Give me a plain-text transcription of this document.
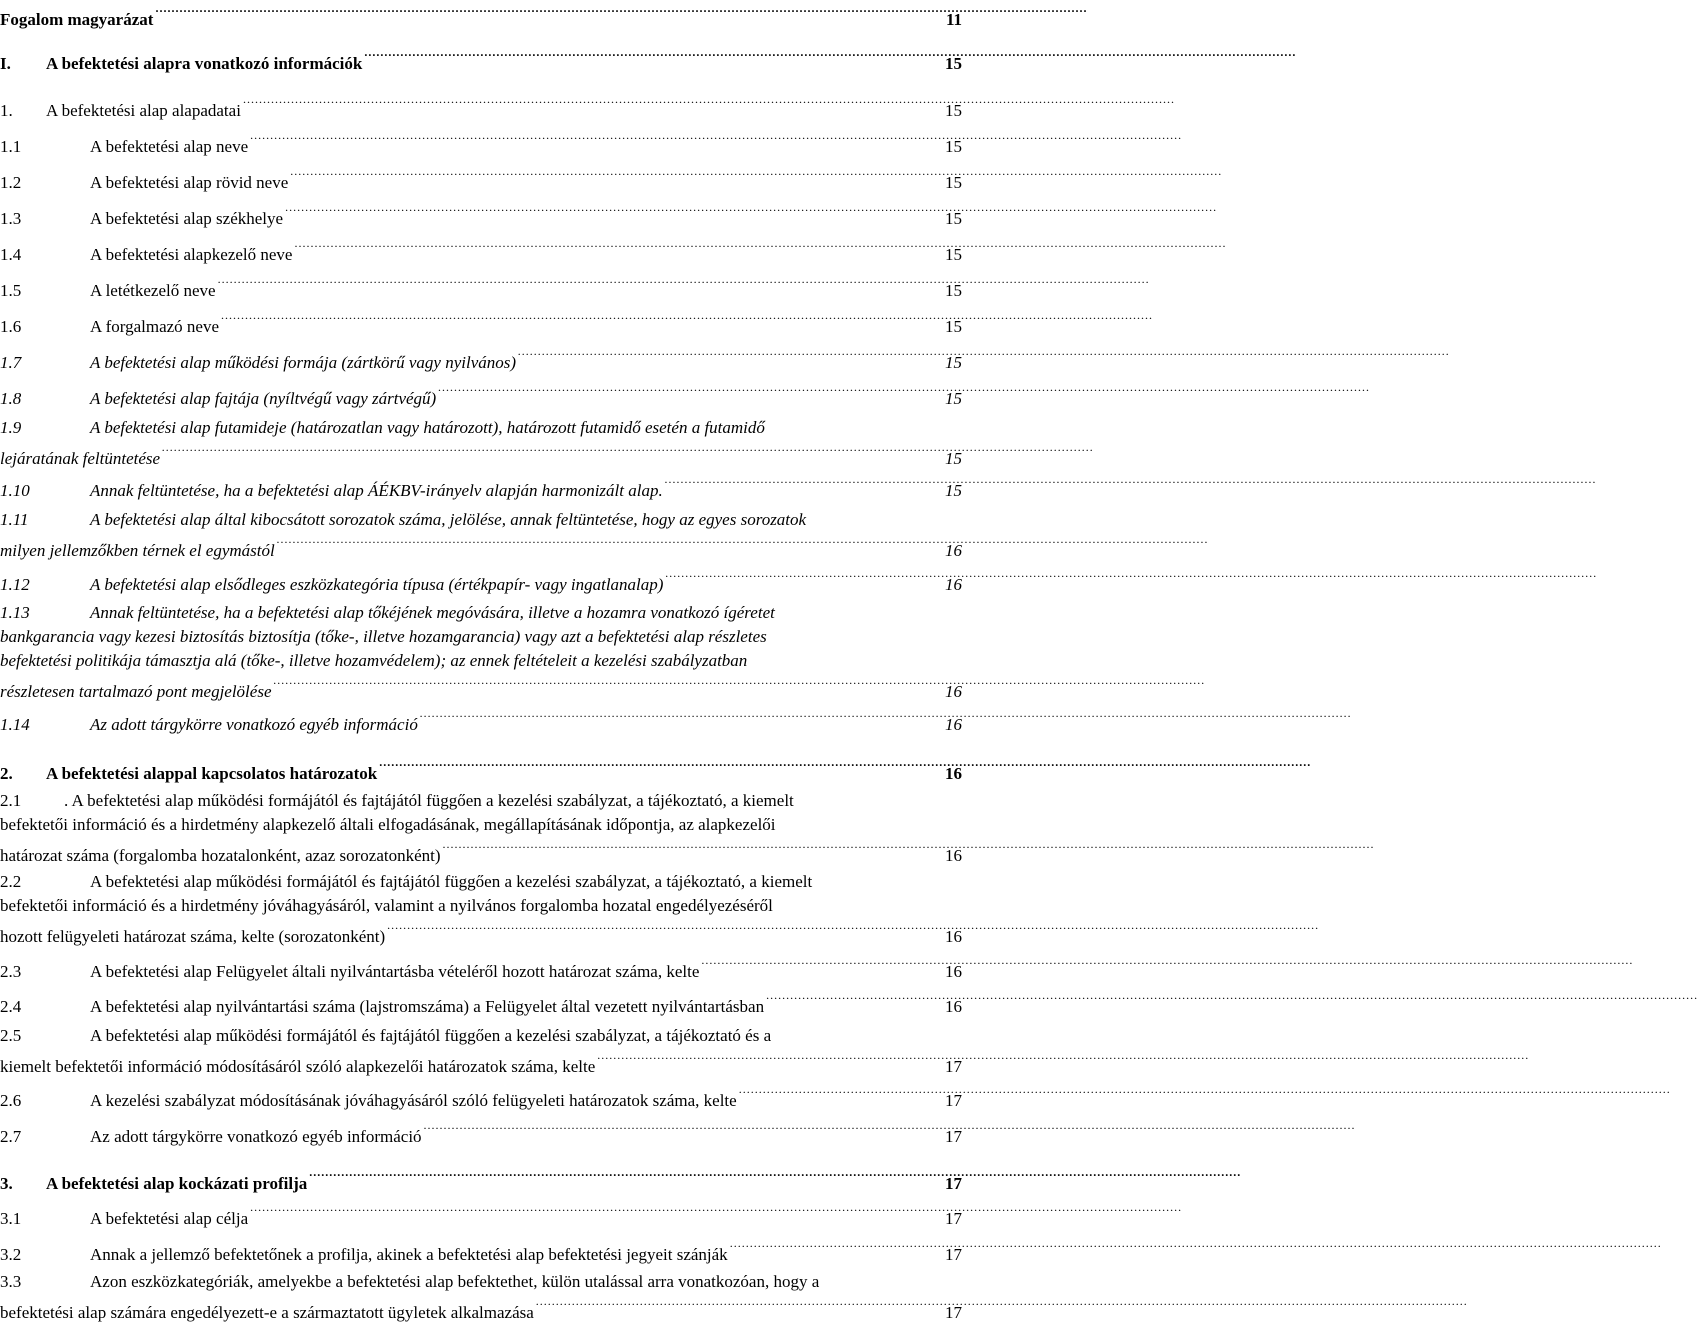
Fogalom magyarázat .....	11
I.	A befektetési alapra vonatkozó információk .....	15
1.	A befektetési alap alapadatai .....	15
1.1	A befektetési alap neve .....	15
1.2	A befektetési alap rövid neve .....	15
1.3	A befektetési alap székhelye .....	15
1.4	A befektetési alapkezelő neve .....	15
1.5	A letétkezelő neve .....	15
1.6	A forgalmazó neve .....	15
1.7	A befektetési alap működési formája (zártkörű vagy nyilvános) .....	15
1.8	A befektetési alap fajtája (nyíltvégű vagy zártvégű) .....	15
1.9	A befektetési alap futamideje (határozatlan vagy határozott), határozott futamidő esetén a futamidő
lejáratának feltüntetése .....	15
1.10	Annak feltüntetése, ha a befektetési alap ÁÉKBV-irányelv alapján harmonizált alap. .....	15
1.11	A befektetési alap által kibocsátott sorozatok száma, jelölése, annak feltüntetése, hogy az egyes sorozatok
milyen jellemzőkben térnek el egymástól .....	16
1.12	A befektetési alap elsődleges eszközkategória típusa (értékpapír- vagy ingatlanalap) .....	16
1.13	Annak feltüntetése, ha a befektetési alap tőkéjének megóvására, illetve a hozamra vonatkozó ígéretet
bankgarancia vagy kezesi biztosítás biztosítja (tőke-, illetve hozamgarancia) vagy azt a befektetési alap részletes
befektetési politikája támasztja alá (tőke-, illetve hozamvédelem); az ennek feltételeit a kezelési szabályzatban
részletesen tartalmazó pont megjelölése .....	16
1.14	Az adott tárgykörre vonatkozó egyéb információ .....	16
2.	A befektetési alappal kapcsolatos határozatok .....	16
2.1	. A befektetési alap működési formájától és fajtájától függően a kezelési szabályzat, a tájékoztató, a kiemelt
befektetői információ és a hirdetmény alapkezelő általi elfogadásának, megállapításának időpontja, az alapkezelői
határozat száma (forgalomba hozatalonként, azaz sorozatonként) .....	16
2.2	A befektetési alap működési formájától és fajtájától függően a kezelési szabályzat, a tájékoztató, a kiemelt
befektetői információ és a hirdetmény jóváhagyásáról, valamint a nyilvános forgalomba hozatal engedélyezéséről
hozott felügyeleti határozat száma, kelte (sorozatonként) .....	16
2.3	A befektetési alap Felügyelet általi nyilvántartásba vételéről hozott határozat száma, kelte .....	16
2.4	A befektetési alap nyilvántartási száma (lajstromszáma) a Felügyelet által vezetett nyilvántartásban .....	16
2.5	A befektetési alap működési formájától és fajtájától függően a kezelési szabályzat, a tájékoztató és a
kiemelt befektetői információ módosításáról szóló alapkezelői határozatok száma, kelte .....	17
2.6	A kezelési szabályzat módosításának jóváhagyásáról szóló felügyeleti határozatok száma, kelte .....	17
2.7	Az adott tárgykörre vonatkozó egyéb információ .....	17
3.	A befektetési alap kockázati profilja .....	17
3.1	A befektetési alap célja .....	17
3.2	Annak a jellemző befektetőnek a profilja, akinek a befektetési alap befektetési jegyeit szánják .....	17
3.3	Azon eszközkategóriák, amelyekbe a befektetési alap befektethet, külön utalással arra vonatkozóan, hogy a
befektetési alap számára engedélyezett-e a származtatott ügyletek alkalmazása .....	17
